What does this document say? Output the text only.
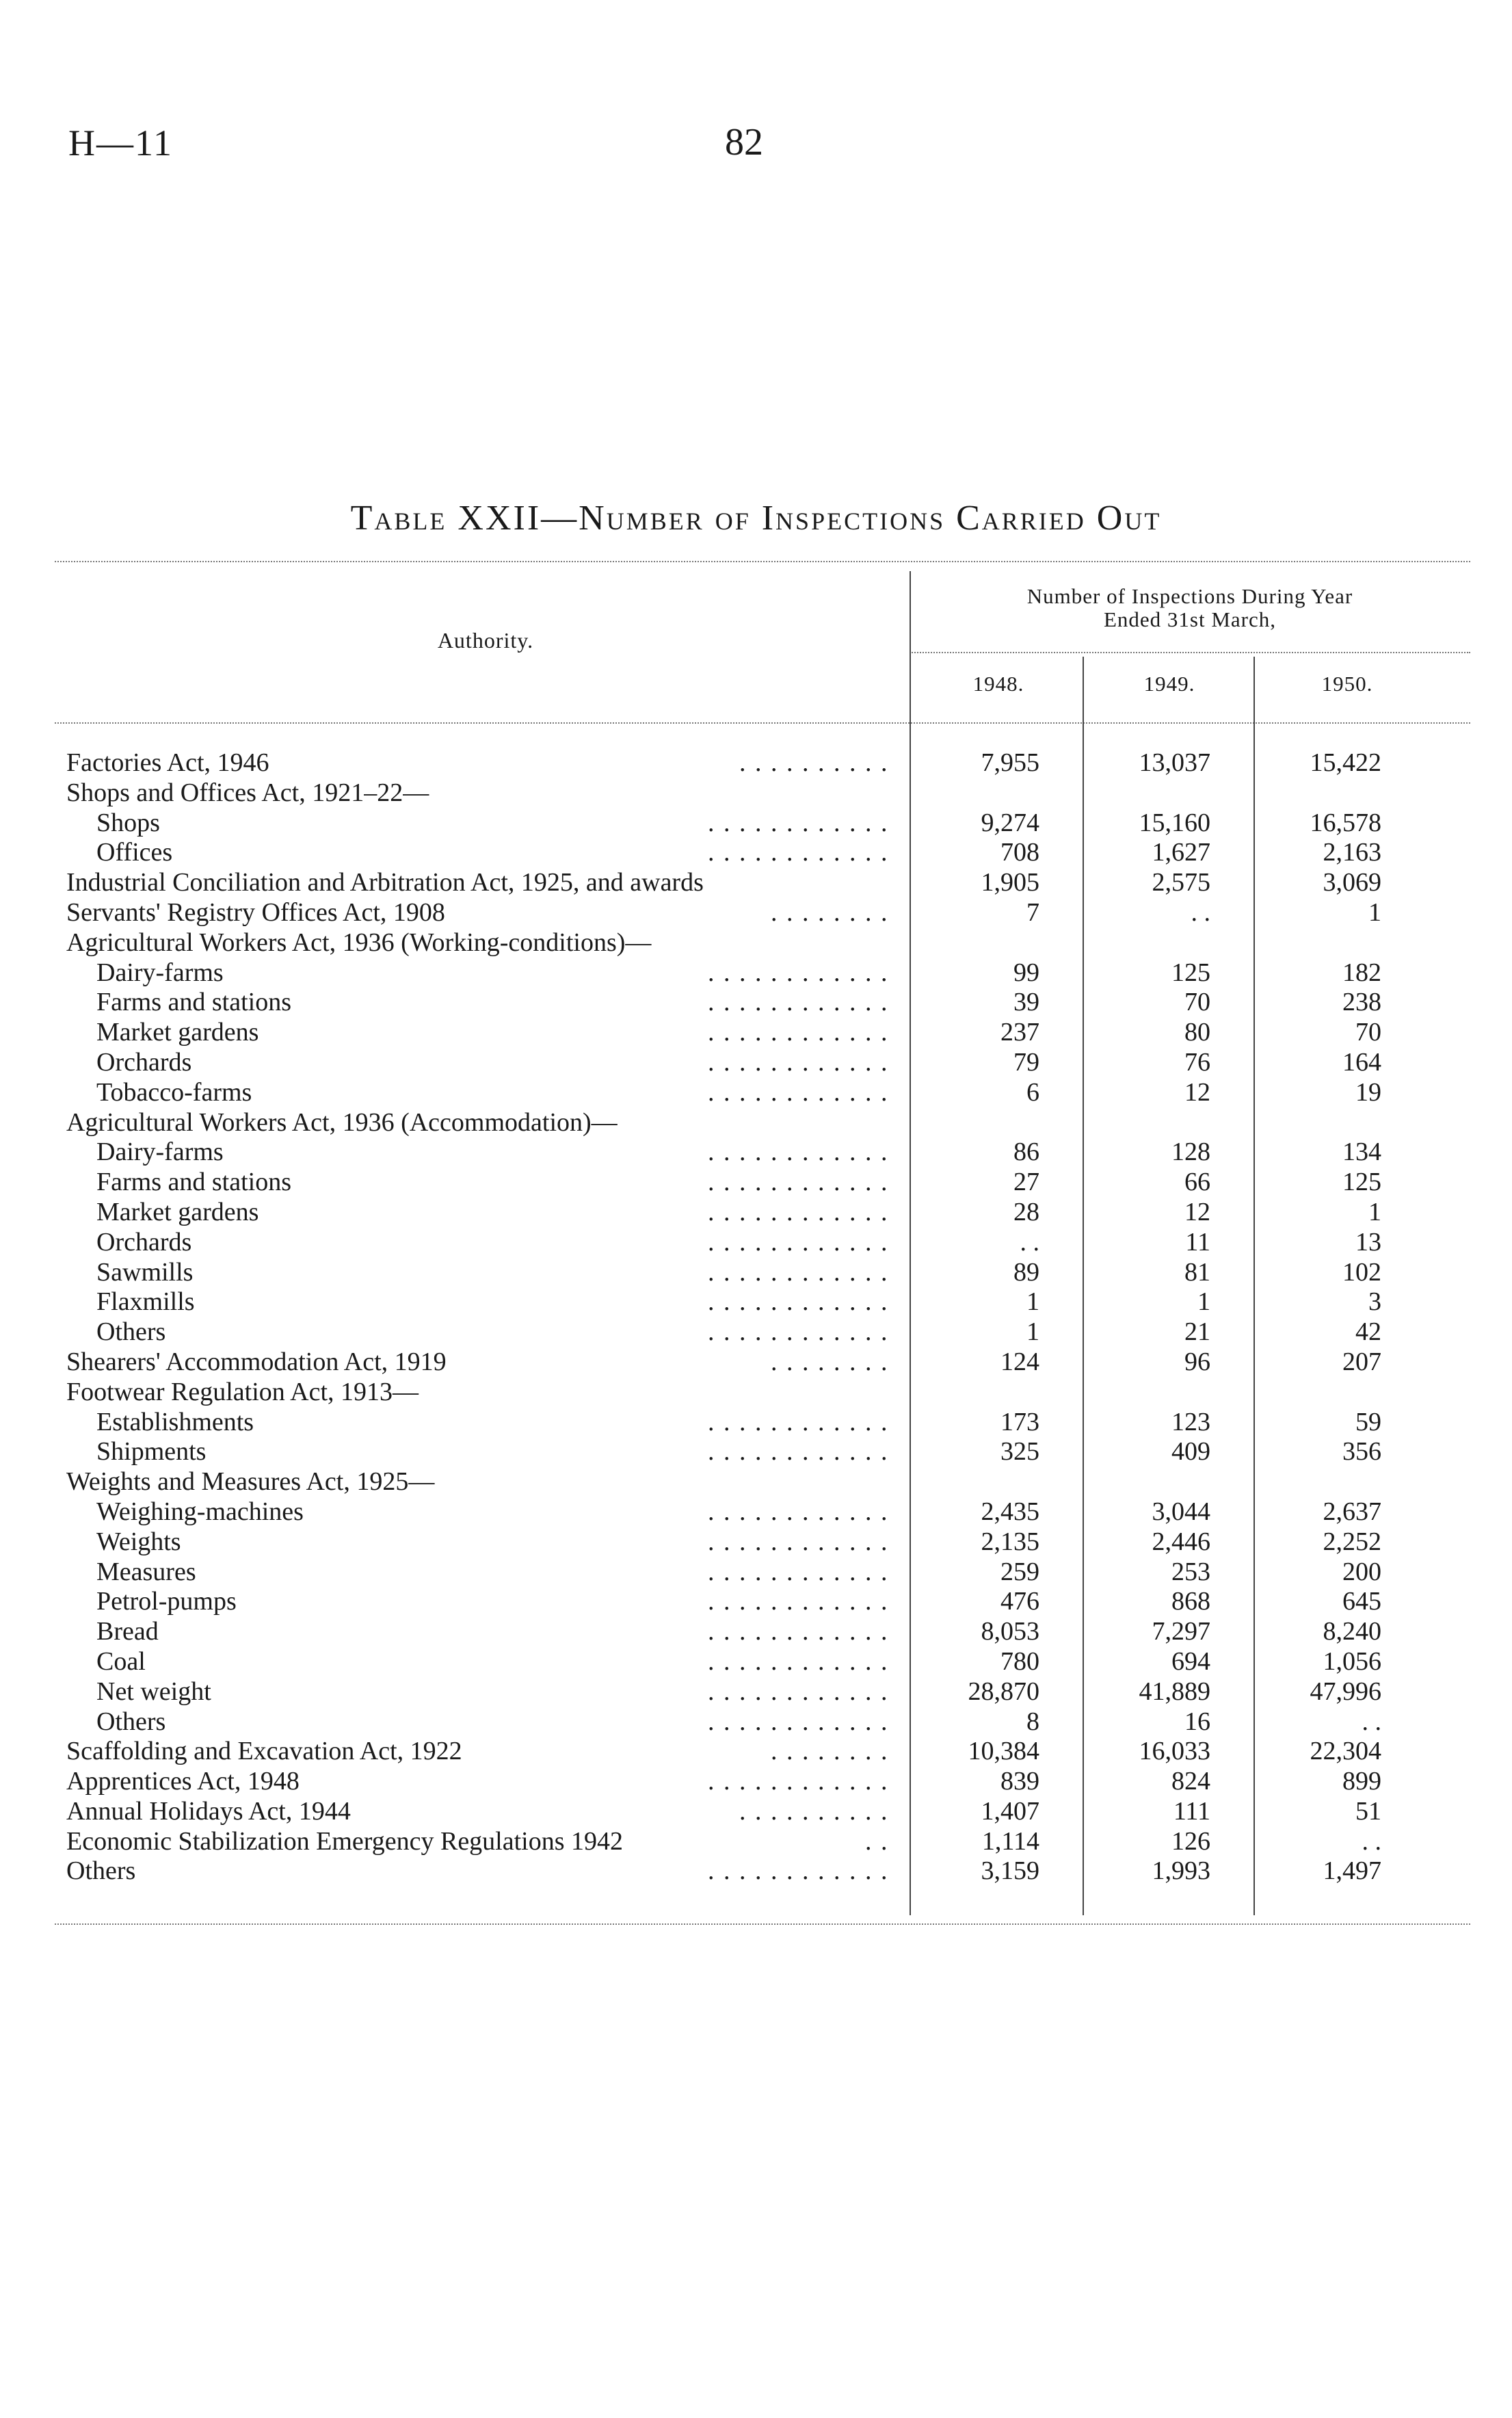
H—11	82
Table XXII—Number of Inspections Carried Out
Authority.
Number of Inspections During Year
Ended 31st March,
1948.	1949.	1950.
Factories Act, 1946	. . . . . . . . . .	7,955	13,037	15,422
Shops and Offices Act, 1921–22—
Shops	. . . . . . . . . . . .	9,274	15,160	16,578
Offices	. . . . . . . . . . . .	708	1,627	2,163
Industrial Conciliation and Arbitration Act, 1925, and awards	1,905	2,575	3,069
Servants' Registry Offices Act, 1908	. . . . . . . .	7	. .	1
Agricultural Workers Act, 1936 (Working-conditions)—
Dairy-farms	. . . . . . . . . . . .	99	125	182
Farms and stations	. . . . . . . . . . . .	39	70	238
Market gardens	. . . . . . . . . . . .	237	80	70
Orchards	. . . . . . . . . . . .	79	76	164
Tobacco-farms	. . . . . . . . . . . .	6	12	19
Agricultural Workers Act, 1936 (Accommodation)—
Dairy-farms	. . . . . . . . . . . .	86	128	134
Farms and stations	. . . . . . . . . . . .	27	66	125
Market gardens	. . . . . . . . . . . .	28	12	1
Orchards	. . . . . . . . . . . .	. .	11	13
Sawmills	. . . . . . . . . . . .	89	81	102
Flaxmills	. . . . . . . . . . . .	1	1	3
Others	. . . . . . . . . . . .	1	21	42
Shearers' Accommodation Act, 1919	. . . . . . . .	124	96	207
Footwear Regulation Act, 1913—
Establishments	. . . . . . . . . . . .	173	123	59
Shipments	. . . . . . . . . . . .	325	409	356
Weights and Measures Act, 1925—
Weighing-machines	. . . . . . . . . . . .	2,435	3,044	2,637
Weights	. . . . . . . . . . . .	2,135	2,446	2,252
Measures	. . . . . . . . . . . .	259	253	200
Petrol-pumps	. . . . . . . . . . . .	476	868	645
Bread	. . . . . . . . . . . .	8,053	7,297	8,240
Coal	. . . . . . . . . . . .	780	694	1,056
Net weight	. . . . . . . . . . . .	28,870	41,889	47,996
Others	. . . . . . . . . . . .	8	16	. .
Scaffolding and Excavation Act, 1922	. . . . . . . .	10,384	16,033	22,304
Apprentices Act, 1948	. . . . . . . . . . . .	839	824	899
Annual Holidays Act, 1944	. . . . . . . . . .	1,407	111	51
Economic Stabilization Emergency Regulations 1942	. .	1,114	126	. .
Others	. . . . . . . . . . . .	3,159	1,993	1,497
